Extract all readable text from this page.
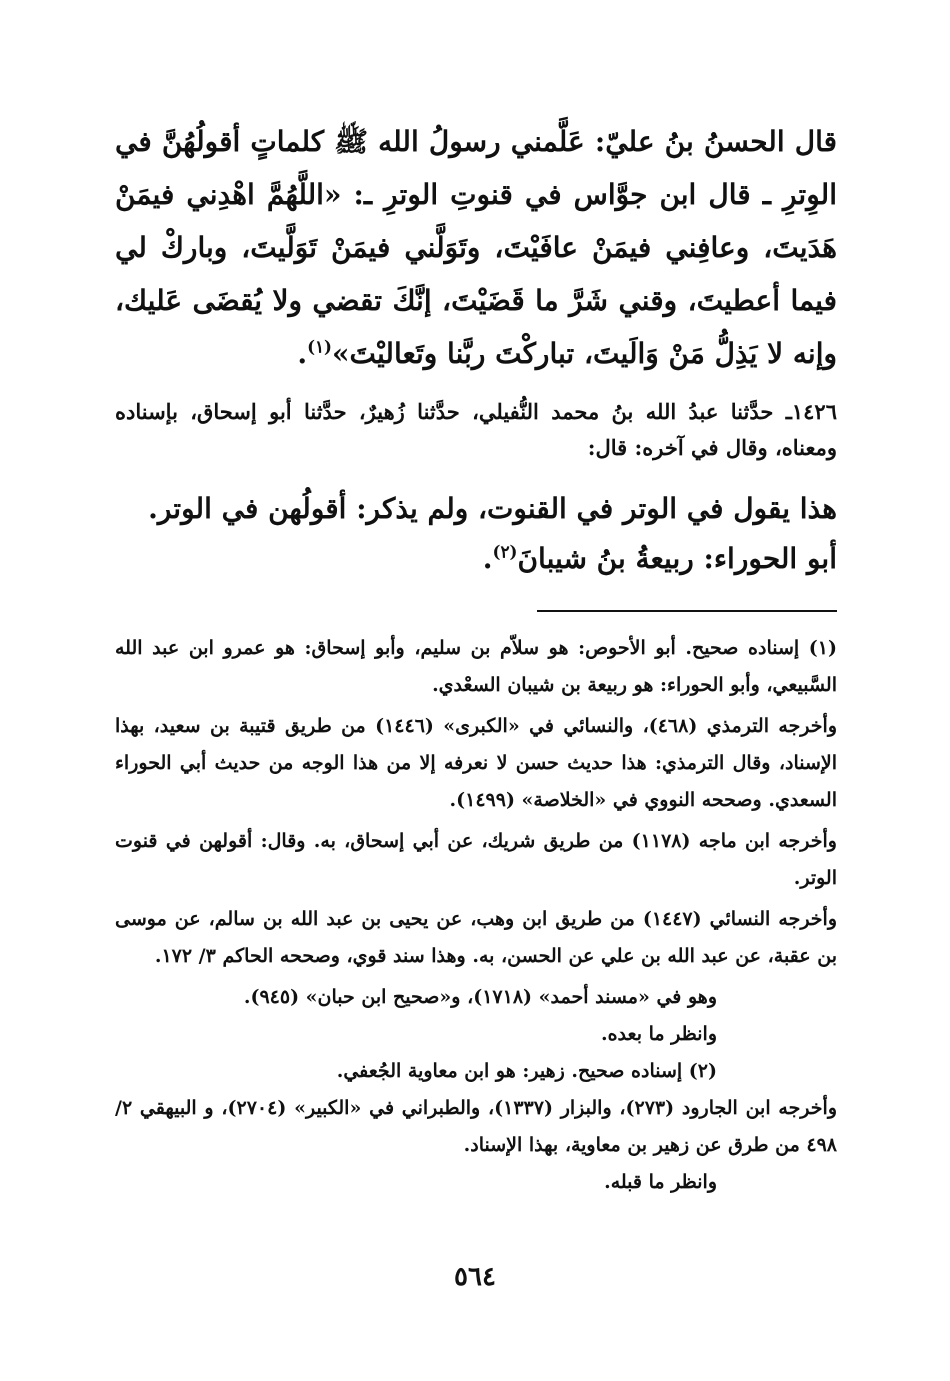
قال الحسنُ بنُ عليّ: عَلَّمني رسولُ الله ﷺ كلماتٍ أقولُهُنَّ في الوِترِ ـ قال ابن جوَّاس في قنوتِ الوترِ ـ: «اللَّهُمَّ اهْدِني فيمَنْ هَدَيتَ، وعافِني فيمَنْ عافَيْتَ، وتَوَلَّني فيمَنْ تَوَلَّيتَ، وباركْ لي فيما أعطيتَ، وقني شَرَّ ما قَضَيْتَ، إنَّكَ تقضي ولا يُقضَى عَليك، وإنه لا يَذِلُّ مَنْ وَالَيتَ، تباركْتَ ربَّنا وتَعاليْتَ»$^{(١)}$.

١٤٢٦ـ حدَّثنا عبدُ الله بنُ محمد النُّفيلي، حدَّثنا زُهيرٌ، حدَّثنا أبو إسحاق، بإسناده ومعناه، وقال في آخره: قال:

هذا يقول في الوتر في القنوت، ولم يذكر: أقولُهن في الوتر.

أبو الحوراء: ربيعةُ بنُ شيبانَ$^{(٢)}$.

(١) إسناده صحيح. أبو الأحوص: هو سلاّم بن سليم، وأبو إسحاق: هو عمرو ابن عبد الله السَّبيعي، وأبو الحوراء: هو ربيعة بن شيبان السعْدي.

وأخرجه الترمذي (٤٦٨)، والنسائي في «الكبرى» (١٤٤٦) من طريق قتيبة بن سعيد، بهذا الإسناد، وقال الترمذي: هذا حديث حسن لا نعرفه إلا من هذا الوجه من حديث أبي الحوراء السعدي. وصححه النووي في «الخلاصة» (١٤٩٩).

وأخرجه ابن ماجه (١١٧٨) من طريق شريك، عن أبي إسحاق، به. وقال: أقولهن في قنوت الوتر.

وأخرجه النسائي (١٤٤٧) من طريق ابن وهب، عن يحيى بن عبد الله بن سالم، عن موسى بن عقبة، عن عبد الله بن علي عن الحسن، به. وهذا سند قوي، وصححه الحاكم ٣/ ١٧٢.

وهو في «مسند أحمد» (١٧١٨)، و«صحيح ابن حبان» (٩٤٥).

وانظر ما بعده.

(٢) إسناده صحيح. زهير: هو ابن معاوية الجُعفي.

وأخرجه ابن الجارود (٢٧٣)، والبزار (١٣٣٧)، والطبراني في «الكبير» (٢٧٠٤)، و البيهقي ٢/ ٤٩٨ من طرق عن زهير بن معاوية، بهذا الإسناد.

وانظر ما قبله.

٥٦٤
